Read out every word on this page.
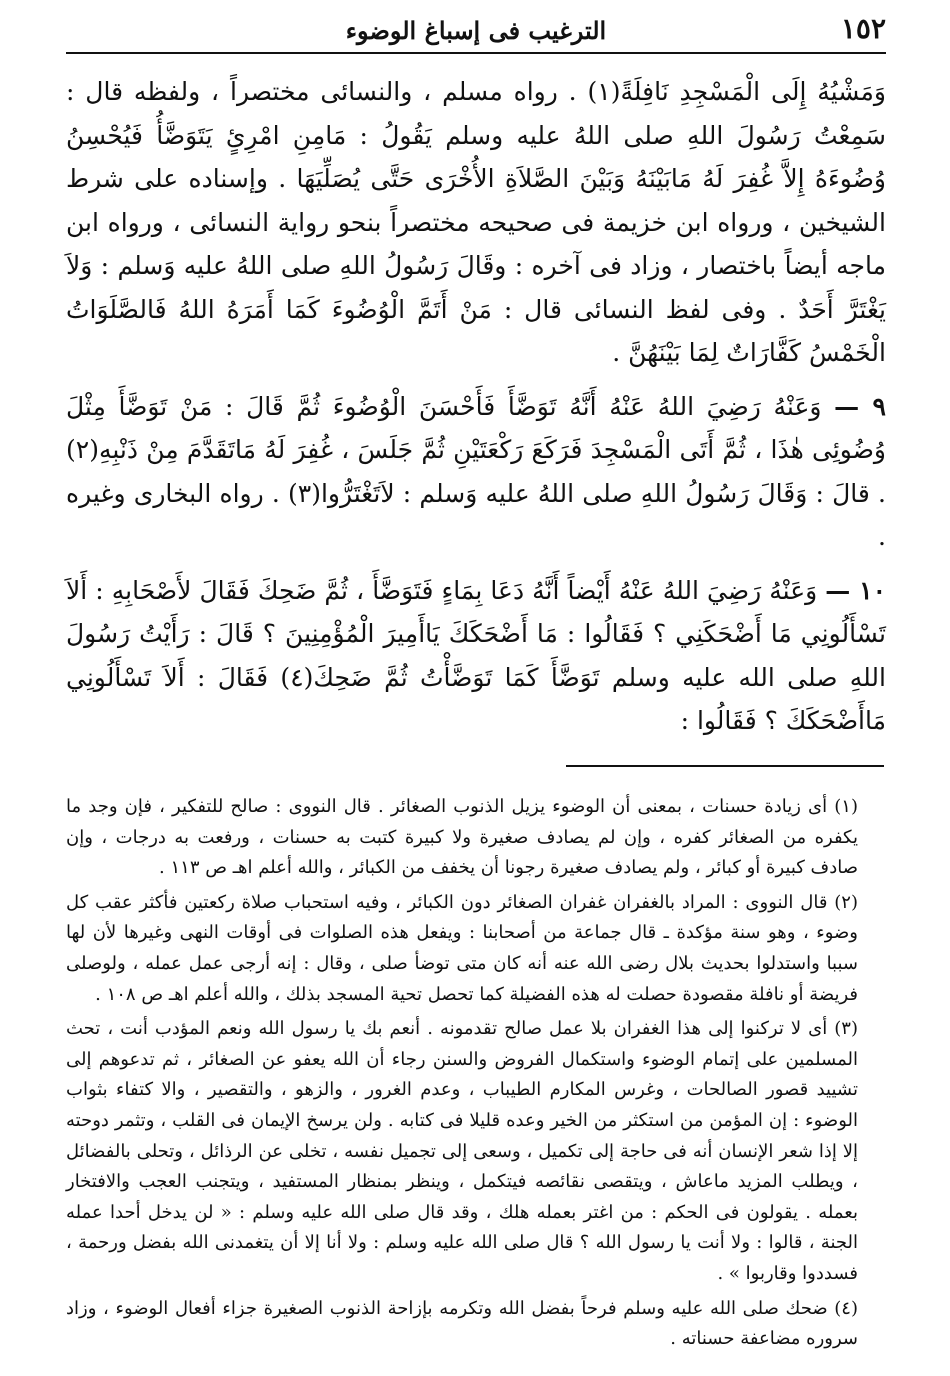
١٥٢
الترغيب فى إسباغ الوضوء

وَمَشْيُهُ إِلَى الْمَسْجِدِ نَافِلَةً(١) . رواه مسلم ، والنسائى مختصراً ، ولفظه قال : سَمِعْتُ رَسُولَ اللهِ صلى اللهُ عليه وسلم يَقُولُ : مَامِنِ امْرِئٍ يَتَوَضَّأُ فَيُحْسِنُ وُضُوءَهُ إِلاَّ غُفِرَ لَهُ مَابَيْنَهُ وَبَيْنَ الصَّلاَةِ الأُخْرَى حَتَّى يُصَلِّيَهَا . وإسناده على شرط الشيخين ، ورواه ابن خزيمة فى صحيحه مختصراً بنحو رواية النسائى ، ورواه ابن ماجه أيضاً باختصار ، وزاد فى آخره : وقَالَ رَسُولُ اللهِ صلى اللهُ عليه وَسلم : وَلاَ يَغْتَرَّ أَحَدٌ . وفى لفظ النسائى قال : مَنْ أَتَمَّ الْوُضُوءَ كَمَا أَمَرَهُ اللهُ فَالصَّلَوَاتُ الْخَمْسُ كَفَّارَاتٌ لِمَا بَيْنَهُنَّ .

٩ — وَعَنْهُ رَضِيَ اللهُ عَنْهُ أَنَّهُ تَوَضَّأَ فَأَحْسَنَ الْوُضُوءَ ثُمَّ قَالَ : مَنْ تَوَضَّأَ مِثْلَ وُضُوئِى هٰذَا ، ثُمَّ أَتَى الْمَسْجِدَ فَرَكَعَ رَكْعَتَيْنِ ثُمَّ جَلَسَ ، غُفِرَ لَهُ مَاتَقَدَّمَ مِنْ ذَنْبِهِ(٢) . قالَ : وَقَالَ رَسُولُ اللهِ صلى اللهُ عليه وَسلم : لاَتَغْتَرُّوا(٣) . رواه البخارى وغيره .

١٠ — وَعَنْهُ رَضِيَ اللهُ عَنْهُ أَيْضاً أَنَّهُ دَعَا بِمَاءٍ فَتَوَضَّأَ ، ثُمَّ ضَحِكَ فَقَالَ لأَصْحَابِهِ : أَلاَ تَسْأَلُونِي مَا أَضْحَكَنِي ؟ فَقَالُوا : مَا أَضْحَكَكَ يَاأَمِيرَ الْمُؤْمِنِينَ ؟ قَالَ : رَأَيْتُ رَسُولَ اللهِ صلى الله عليه وسلم تَوَضَّأَ كَمَا تَوَضَّأْتُ ثُمَّ ضَحِكَ(٤) فَقَالَ : أَلاَ تَسْأَلُونِي مَاأَضْحَكَكَ ؟ فَقَالُوا :

(١) أى زيادة حسنات ، بمعنى أن الوضوء يزيل الذنوب الصغائر . قال النووى : صالح للتفكير ، فإن وجد ما يكفره من الصغائر كفره ، وإن لم يصادف صغيرة ولا كبيرة كتبت به حسنات ، ورفعت به درجات ، وإن صادف كبيرة أو كبائر ، ولم يصادف صغيرة رجونا أن يخفف من الكبائر ، والله أعلم اهـ ص ١١٣ .

(٢) قال النووى : المراد بالغفران غفران الصغائر دون الكبائر ، وفيه استحباب صلاة ركعتين فأكثر عقب كل وضوء ، وهو سنة مؤكدة ـ قال جماعة من أصحابنا : ويفعل هذه الصلوات فى أوقات النهى وغيرها لأن لها سببا واستدلوا بحديث بلال رضى الله عنه أنه كان متى توضأ صلى ، وقال : إنه أرجى عمل عمله ، ولوصلى فريضة أو نافلة مقصودة حصلت له هذه الفضيلة كما تحصل تحية المسجد بذلك ، والله أعلم اهـ ص ١٠٨ .

(٣) أى لا تركنوا إلى هذا الغفران بلا عمل صالح تقدمونه . أنعم بك يا رسول الله ونعم المؤدب أنت ، تحث المسلمين على إتمام الوضوء واستكمال الفروض والسنن رجاء أن الله يعفو عن الصغائر ، ثم تدعوهم إلى تشييد قصور الصالحات ، وغرس المكارم الطيباب ، وعدم الغرور ، والزهو ، والتقصير ، والا كتفاء بثواب الوضوء : إن المؤمن من استكثر من الخير وعده قليلا فى كتابه . ولن يرسخ الإيمان فى القلب ، وتثمر دوحته إلا إذا شعر الإنسان أنه فى حاجة إلى تكميل ، وسعى إلى تجميل نفسه ، تخلى عن الرذائل ، وتحلى بالفضائل ، ويطلب المزيد ماعاش ، ويتقصى نقائصه فيتكمل ، وينظر بمنظار المستفيد ، ويتجنب العجب والافتخار بعمله . يقولون فى الحكم : من اغتر بعمله هلك ، وقد قال صلى الله عليه وسلم : « لن يدخل أحدا عمله الجنة ، قالوا : ولا أنت يا رسول الله ؟ قال صلى الله عليه وسلم : ولا أنا إلا أن يتغمدنى الله بفضل ورحمة ، فسددوا وقاربوا » .

(٤) ضحك صلى الله عليه وسلم فرحاً بفضل الله وتكرمه بإزاحة الذنوب الصغيرة جزاء أفعال الوضوء ، وزاد سروره مضاعفة حسناته .
